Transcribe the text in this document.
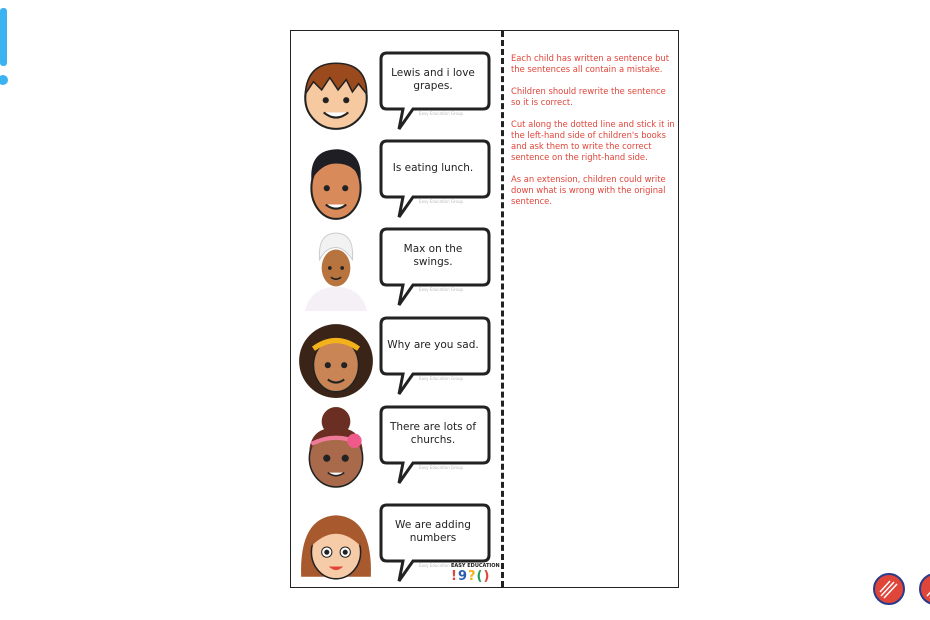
Lewis and i love grapes.
Easy Education Group
Is eating lunch.
Easy Education Group
Max on the swings.
Easy Education Group
Why are you sad.
Easy Education Group
There are lots of churchs.
Easy Education Group
We are adding numbers
Easy Education Group

Each child has written a sentence but the sentences all contain a mistake.

Children should rewrite the sentence so it is correct.

Cut along the dotted line and stick it in the left-hand side of children's books and ask them to write the correct sentence on the right-hand side.

As an extension, children could write down what is wrong with the original sentence.

EASY EDUCATION
!9?()
